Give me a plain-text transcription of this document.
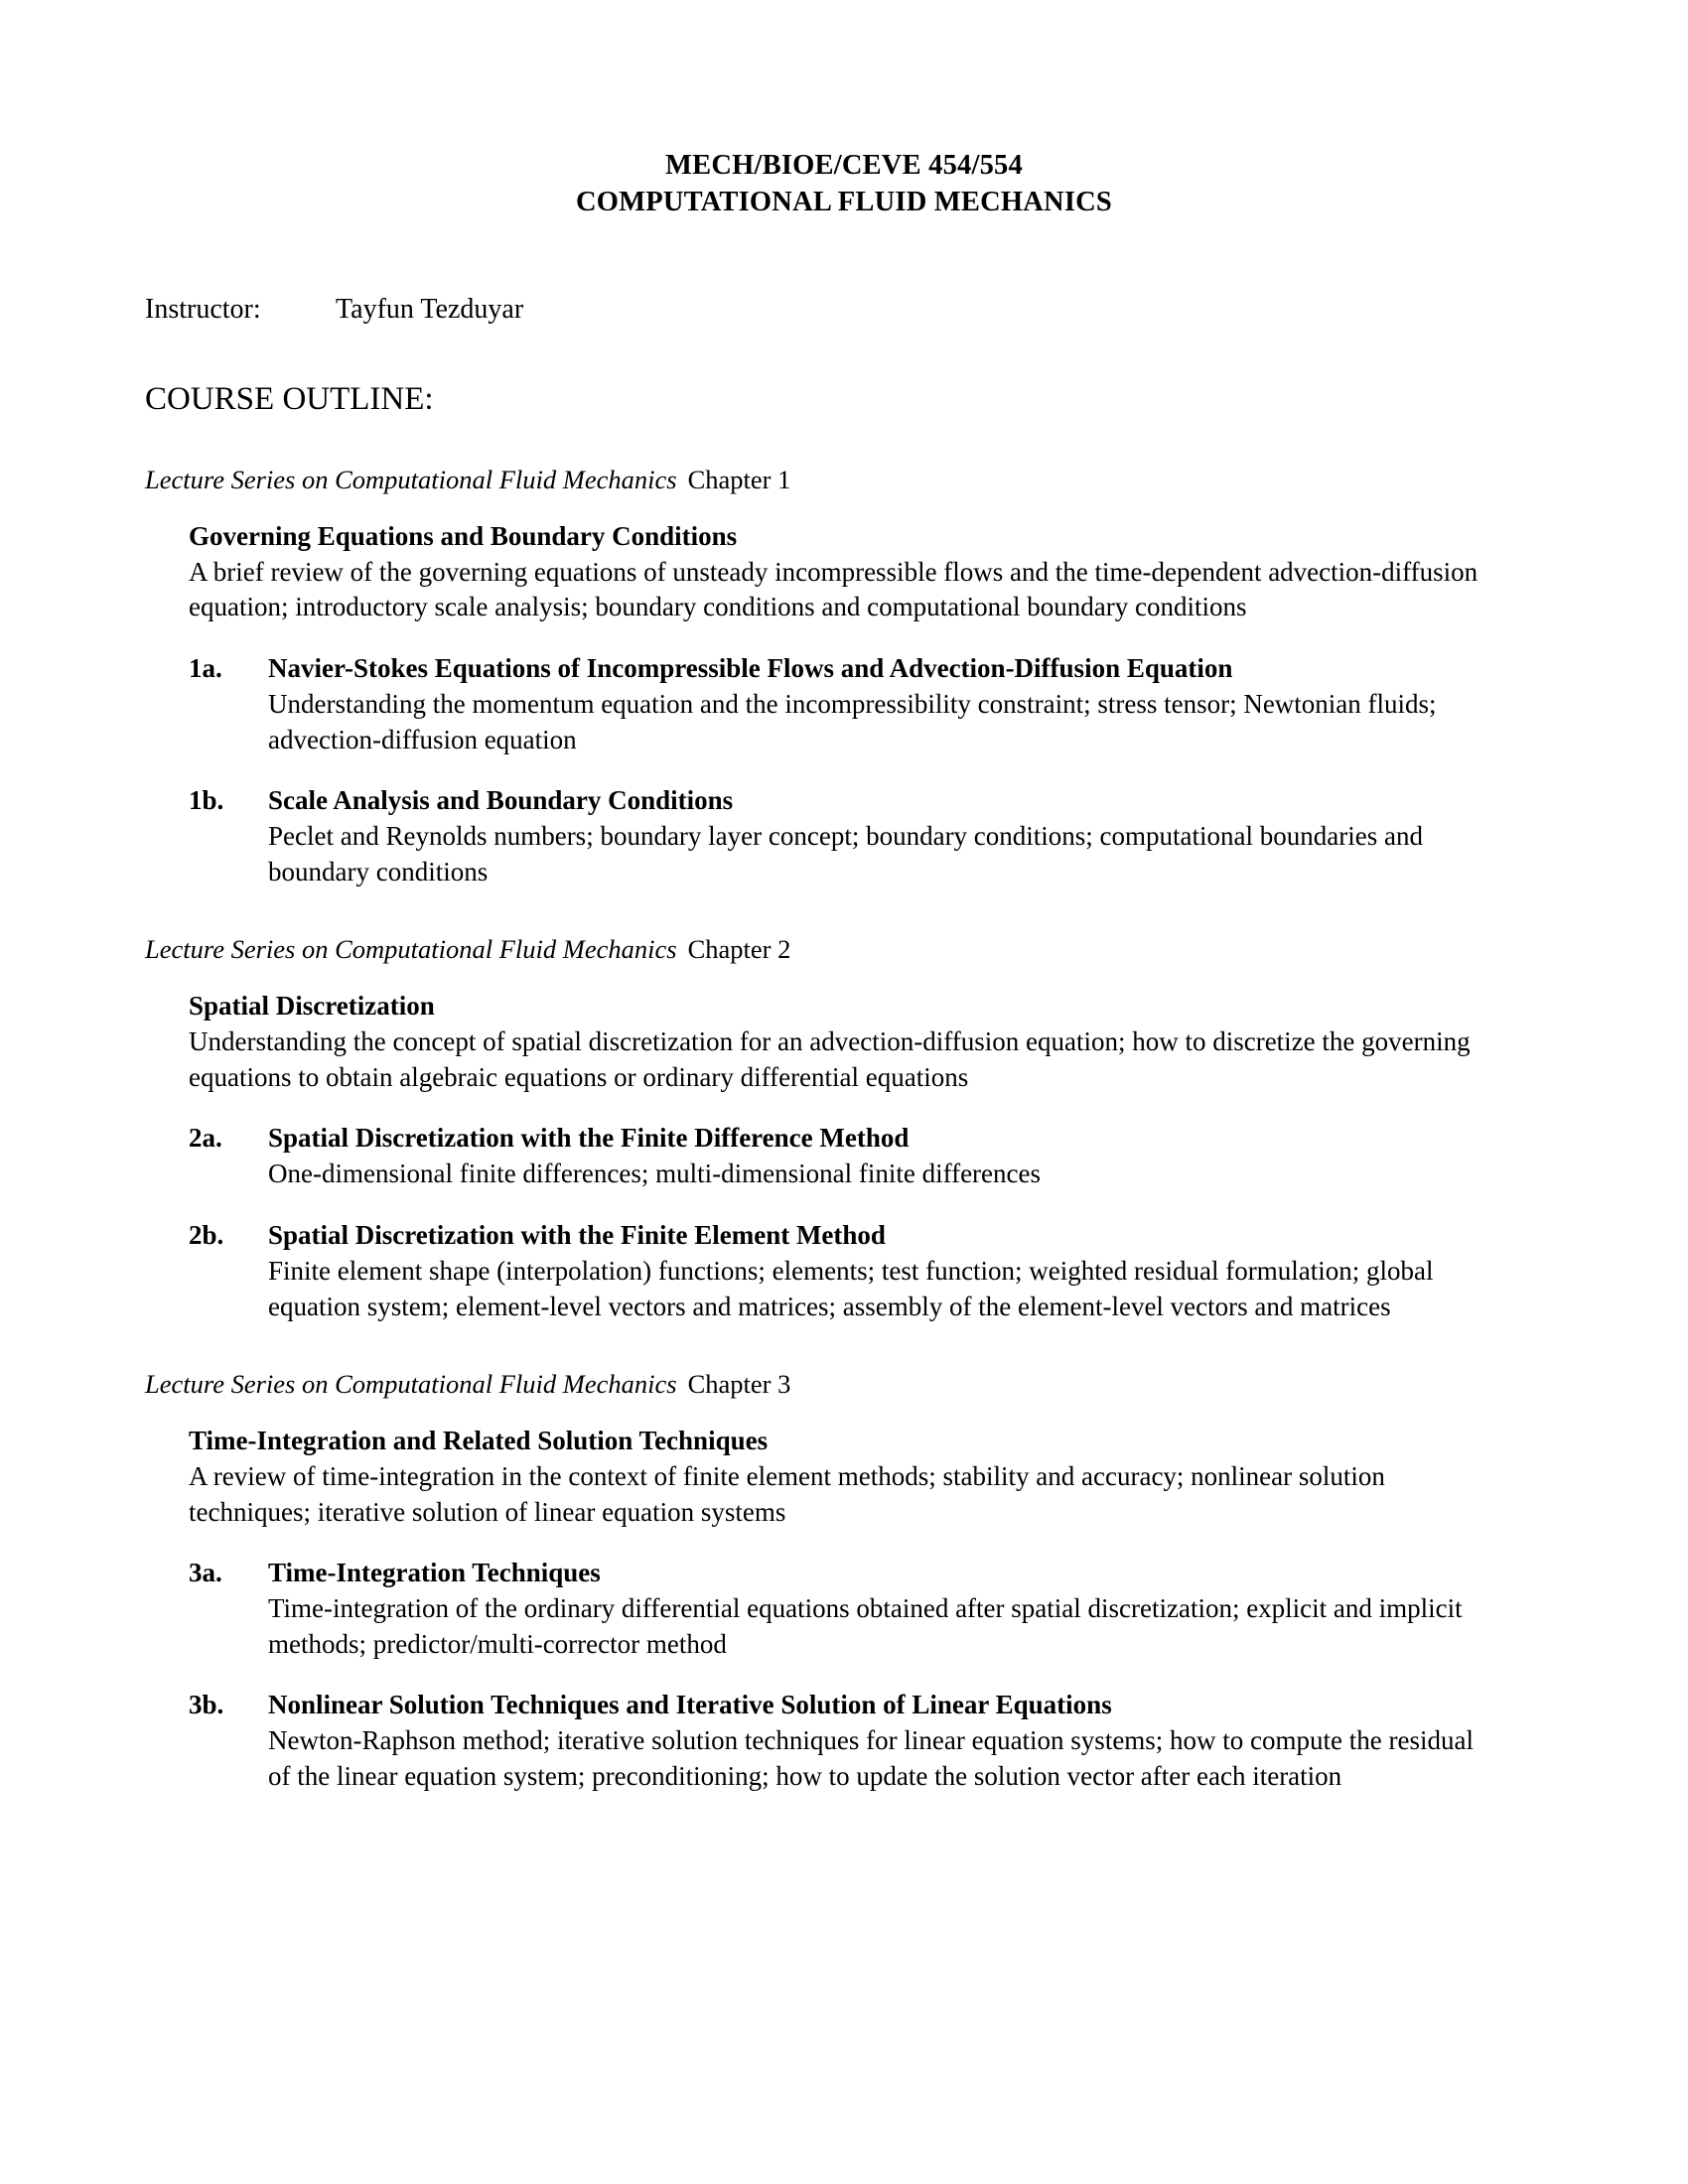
MECH/BIOE/CEVE 454/554
COMPUTATIONAL FLUID MECHANICS
Instructor:	Tayfun Tezduyar
COURSE OUTLINE:
Lecture Series on Computational Fluid Mechanics Chapter 1
Governing Equations and Boundary Conditions
A brief review of the governing equations of unsteady incompressible flows and the time-dependent advection-diffusion equation; introductory scale analysis; boundary conditions and computational boundary conditions
1a. Navier-Stokes Equations of Incompressible Flows and Advection-Diffusion Equation
Understanding the momentum equation and the incompressibility constraint; stress tensor; Newtonian fluids; advection-diffusion equation
1b. Scale Analysis and Boundary Conditions
Peclet and Reynolds numbers; boundary layer concept; boundary conditions; computational boundaries and boundary conditions
Lecture Series on Computational Fluid Mechanics Chapter 2
Spatial Discretization
Understanding the concept of spatial discretization for an advection-diffusion equation; how to discretize the governing equations to obtain algebraic equations or ordinary differential equations
2a. Spatial Discretization with the Finite Difference Method
One-dimensional finite differences; multi-dimensional finite differences
2b. Spatial Discretization with the Finite Element Method
Finite element shape (interpolation) functions; elements; test function; weighted residual formulation; global equation system; element-level vectors and matrices; assembly of the element-level vectors and matrices
Lecture Series on Computational Fluid Mechanics Chapter 3
Time-Integration and Related Solution Techniques
A review of time-integration in the context of finite element methods; stability and accuracy; nonlinear solution techniques; iterative solution of linear equation systems
3a. Time-Integration Techniques
Time-integration of the ordinary differential equations obtained after spatial discretization; explicit and implicit methods; predictor/multi-corrector method
3b. Nonlinear Solution Techniques and Iterative Solution of Linear Equations
Newton-Raphson method; iterative solution techniques for linear equation systems; how to compute the residual of the linear equation system; preconditioning; how to update the solution vector after each iteration
